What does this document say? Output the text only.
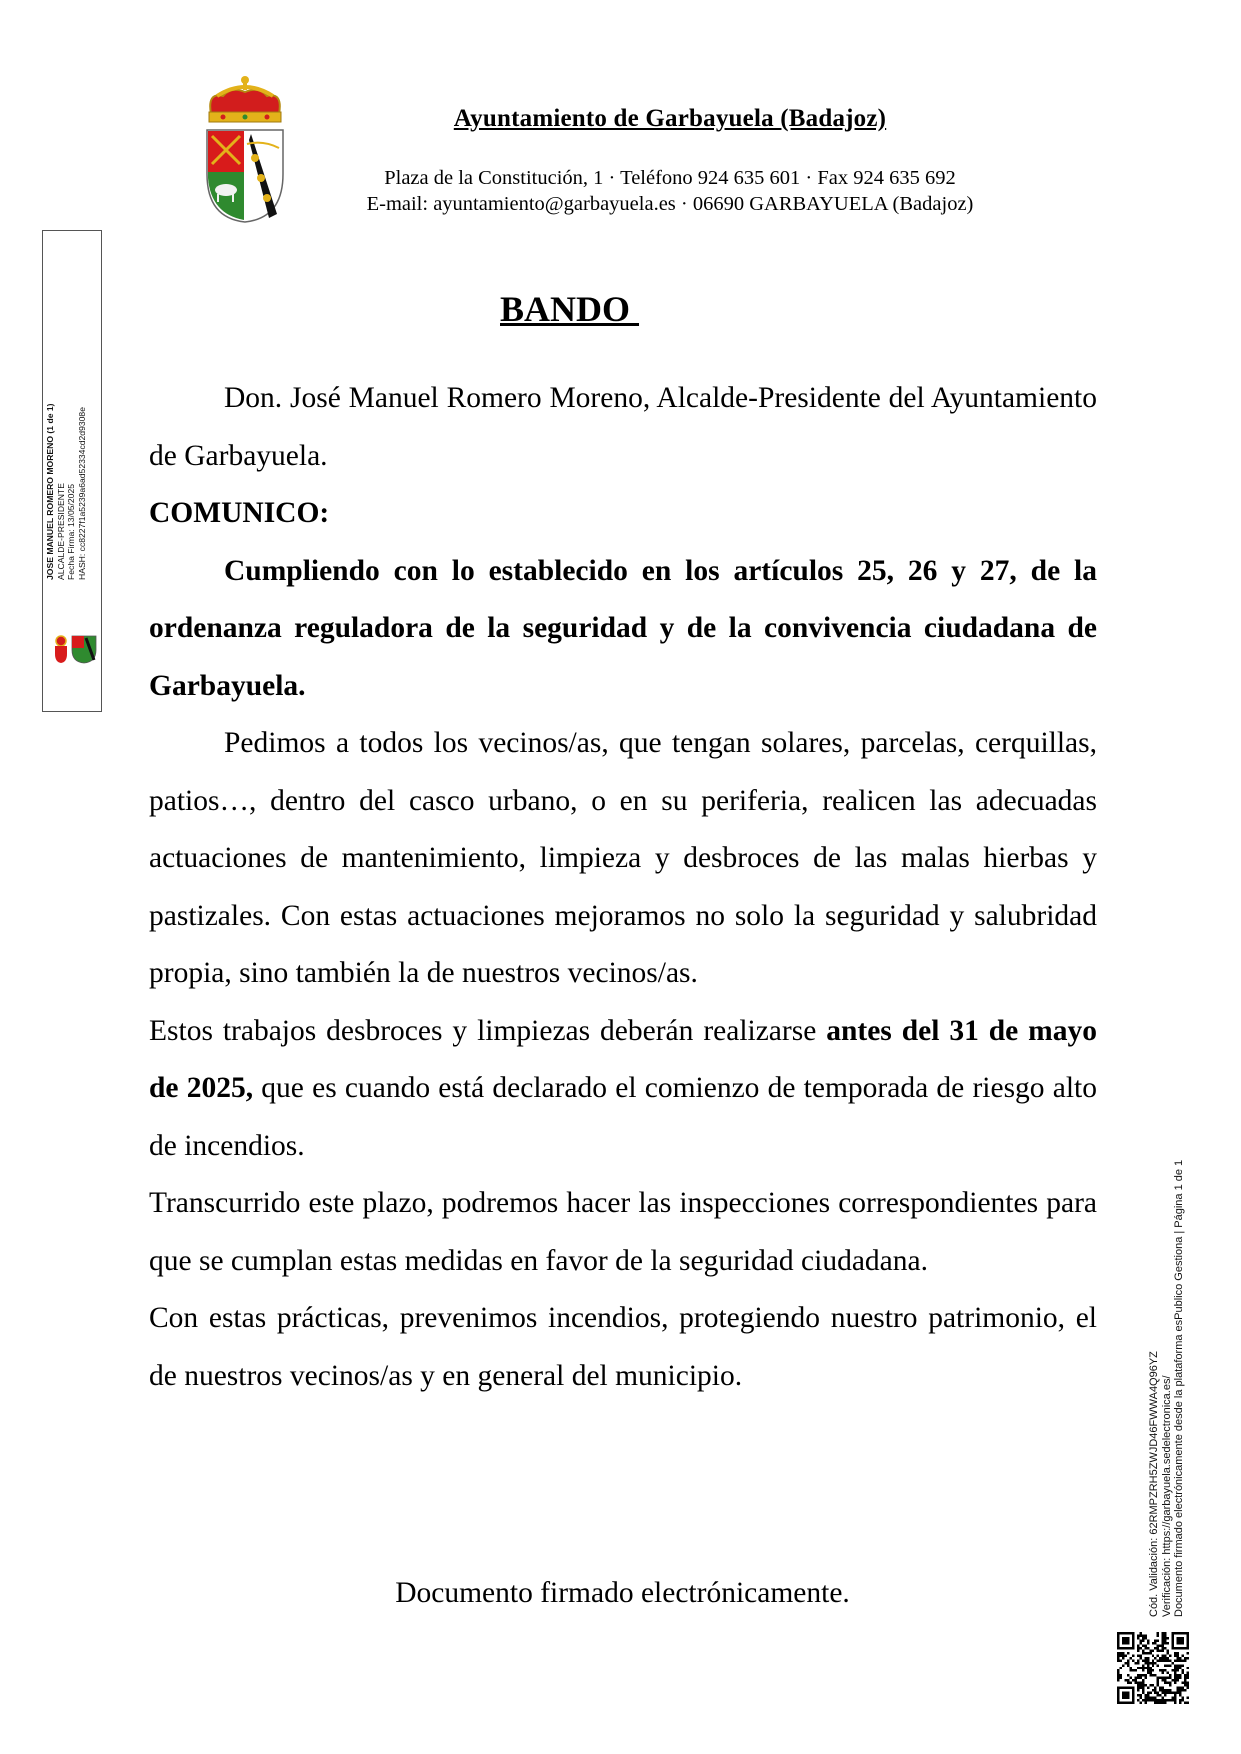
Ayuntamiento de Garbayuela (Badajoz)
Plaza de la Constitución, 1 · Teléfono 924 635 601 · Fax 924 635 692
E-mail: ayuntamiento@garbayuela.es · 06690 GARBAYUELA (Badajoz)
JOSE MANUEL ROMERO MORENO (1 de 1) ALCALDE-PRESIDENTE Fecha Firma: 13/05/2025 HASH: cc8227f1a5239a6ad52334cd2d9308e
BANDO

Don. José Manuel Romero Moreno, Alcalde-Presidente del Ayuntamiento de Garbayuela.

COMUNICO:

Cumpliendo con lo establecido en los artículos 25, 26 y 27, de la ordenanza reguladora de la seguridad y de la convivencia ciudadana de Garbayuela.

Pedimos a todos los vecinos/as, que tengan solares, parcelas, cerquillas, patios…, dentro del casco urbano, o en su periferia, realicen las adecuadas actuaciones de mantenimiento, limpieza y desbroces de las malas hierbas y pastizales. Con estas actuaciones mejoramos no solo la seguridad y salubridad propia, sino también la de nuestros vecinos/as.

Estos trabajos desbroces y limpiezas deberán realizarse antes del 31 de mayo de 2025, que es cuando está declarado el comienzo de temporada de riesgo alto de incendios.

Transcurrido este plazo, podremos hacer las inspecciones correspondientes para que se cumplan estas medidas en favor de la seguridad ciudadana.

Con estas prácticas, prevenimos incendios, protegiendo nuestro patrimonio, el de nuestros vecinos/as y en general del municipio.

Documento firmado electrónicamente.	Cód. Validación: 62RMPZRH5ZWJD46FWWA4Q96YZ Verificación: https://garbayuela.sedelectronica.es/ Documento firmado electrónicamente desde la plataforma esPublico Gestiona | Página 1 de 1
